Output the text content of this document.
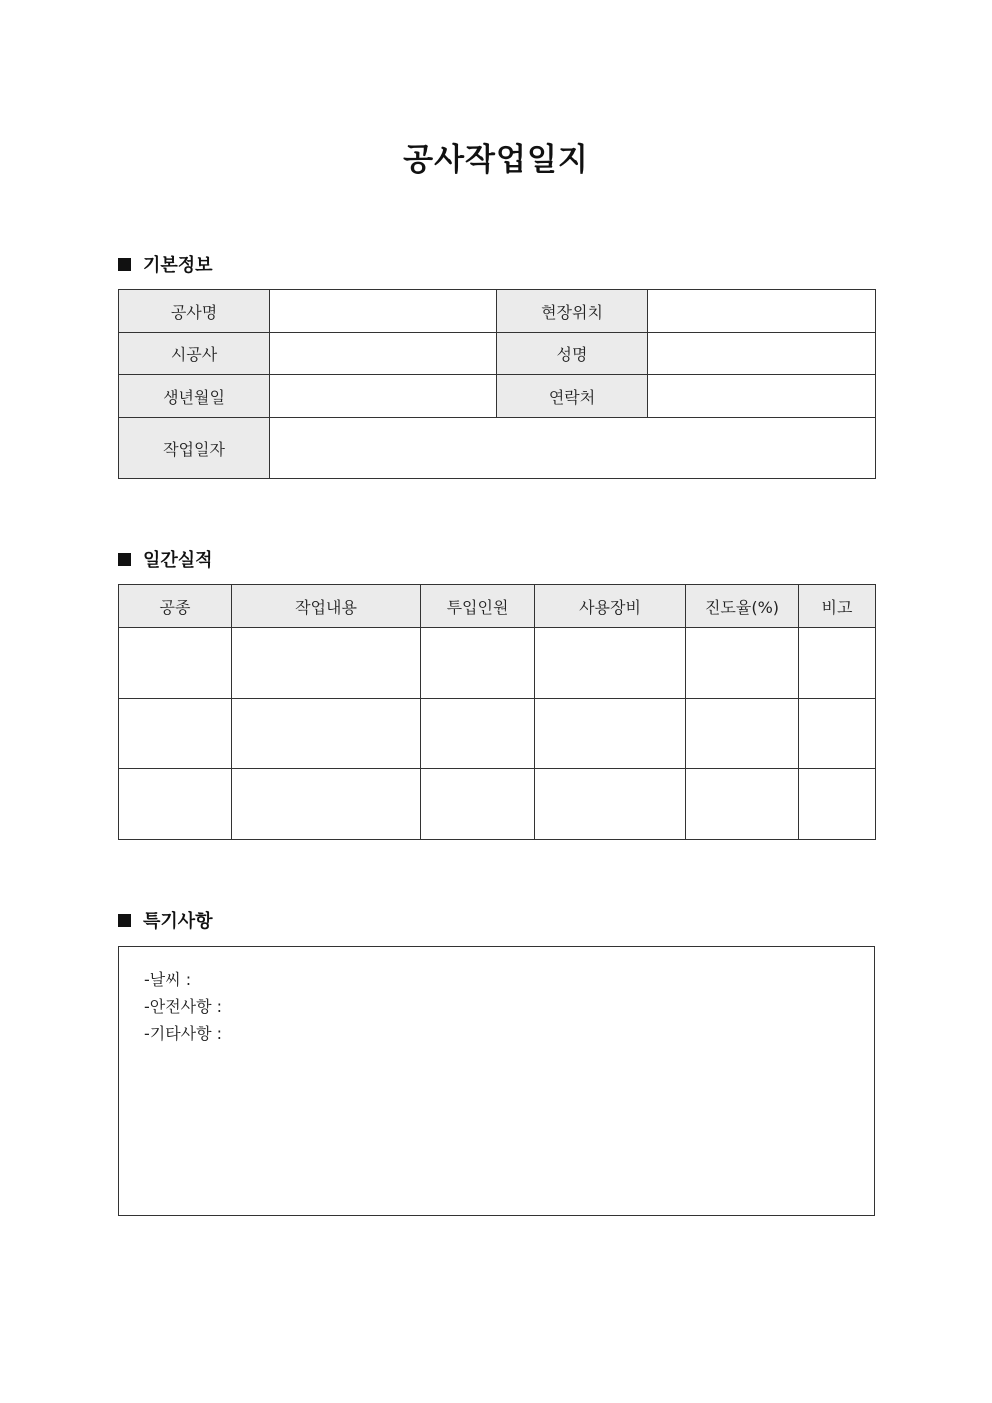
공사작업일지
기본정보
공사명		현장위치	
시공사		성명	
생년월일		연락처	
작업일자			
일간실적
공종	작업내용	투입인원	사용장비	진도율(%)	비고

특기사항
-날씨 :
-안전사항 :
-기타사항 :
